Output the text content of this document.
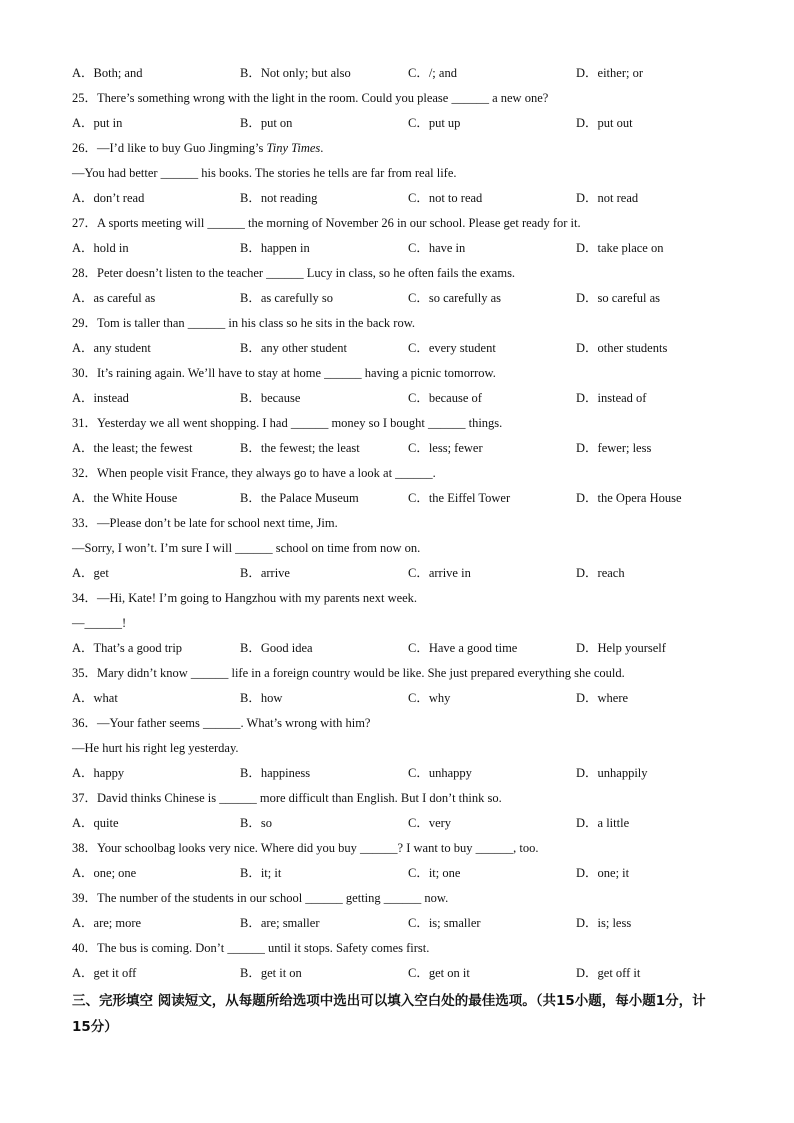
A．Both; and	B．Not only; but also	C．/; and	D．either; or
25．There’s something wrong with the light in the room. Could you please ______ a new one?
A．put in	B．put on	C．put up	D．put out
26．—I’d like to buy Guo Jingming’s Tiny Times.
—You had better ______ his books. The stories he tells are far from real life.
A．don’t read	B．not reading	C．not to read	D．not read
27．A sports meeting will ______ the morning of November 26 in our school. Please get ready for it.
A．hold in	B．happen in	C．have in	D．take place on
28．Peter doesn’t listen to the teacher ______ Lucy in class, so he often fails the exams.
A．as careful as	B．as carefully so	C．so carefully as	D．so careful as
29．Tom is taller than ______ in his class so he sits in the back row.
A．any student	B．any other student	C．every student	D．other students
30．It’s raining again. We’ll have to stay at home ______ having a picnic tomorrow.
A．instead	B．because	C．because of	D．instead of
31．Yesterday we all went shopping. I had ______ money so I bought ______ things.
A．the least; the fewest	B．the fewest; the least	C．less; fewer	D．fewer; less
32．When people visit France, they always go to have a look at ______.
A．the White House	B．the Palace Museum	C．the Eiffel Tower	D．the Opera House
33．—Please don’t be late for school next time, Jim.
—Sorry, I won’t. I’m sure I will ______ school on time from now on.
A．get	B．arrive	C．arrive in	D．reach
34．—Hi, Kate! I’m going to Hangzhou with my parents next week.
—______!
A．That’s a good trip	B．Good idea	C．Have a good time	D．Help yourself
35．Mary didn’t know ______ life in a foreign country would be like. She just prepared everything she could.
A．what	B．how	C．why	D．where
36．—Your father seems ______. What’s wrong with him?
—He hurt his right leg yesterday.
A．happy	B．happiness	C．unhappy	D．unhappily
37．David thinks Chinese is ______ more difficult than English. But I don’t think so.
A．quite	B．so	C．very	D．a little
38．Your schoolbag looks very nice. Where did you buy ______? I want to buy ______, too.
A．one; one	B．it; it	C．it; one	D．one; it
39．The number of the students in our school ______ getting ______ now.
A．are; more	B．are; smaller	C．is; smaller	D．is; less
40．The bus is coming. Don’t ______ until it stops. Safety comes first.
A．get it off	B．get it on	C．get on it	D．get off it
三、完形填空 阅读短文，从每题所给选项中选出可以填入空白处的最佳选项。（共15小题，每小题1分，计15分）
